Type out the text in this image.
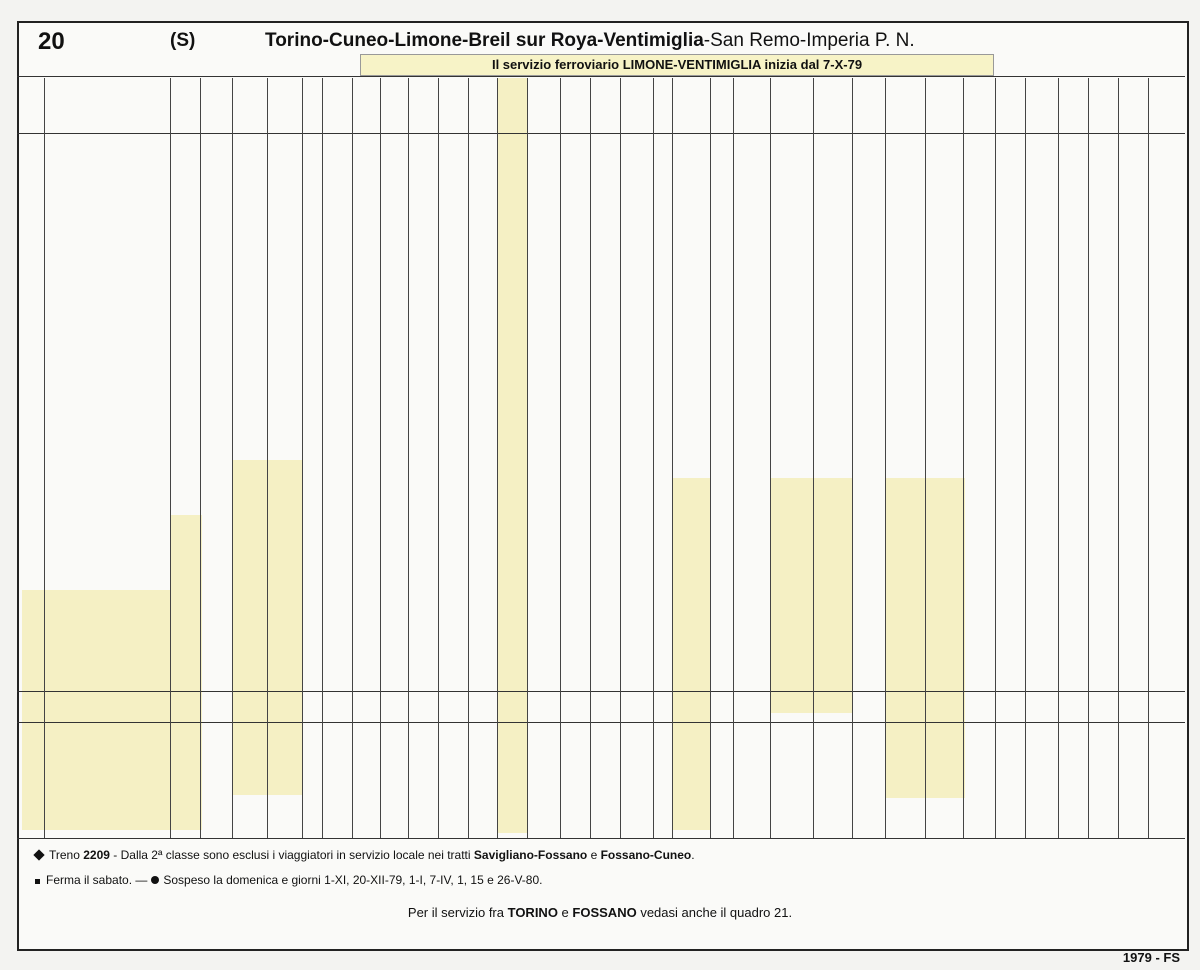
20	(S)	Torino-Cuneo-Limone-Breil sur Roya-Ventimiglia-San Remo-Imperia P. N.
Il servizio ferroviario LIMONE-VENTIMIGLIA inizia dal 7-X-79
Treno 2209 - Dalla 2ª classe sono esclusi i viaggiatori in servizio locale nei tratti Savigliano-Fossano e Fossano-Cuneo.
Ferma il sabato. — Sospeso la domenica e giorni 1-XI, 20-XII-79, 1-I, 7-IV, 1, 15 e 26-V-80.
Per il servizio fra TORINO e FOSSANO vedasi anche il quadro 21.
1979 - FS
